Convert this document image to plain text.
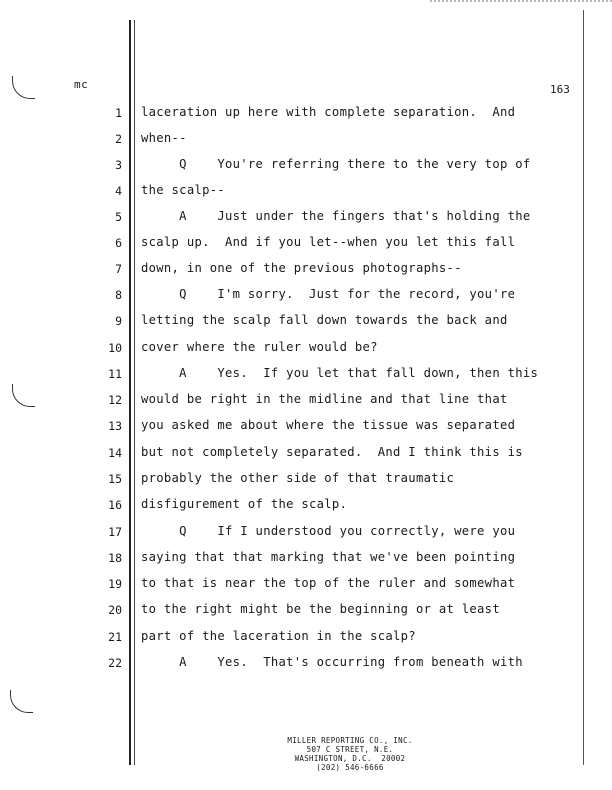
mc	163
1 laceration up here with complete separation.  And
2 when--
3 Q    You're referring there to the very top of
4 the scalp--
5 A    Just under the fingers that's holding the
6 scalp up.  And if you let--when you let this fall
7 down, in one of the previous photographs--
8 Q    I'm sorry.  Just for the record, you're
9 letting the scalp fall down towards the back and
10 cover where the ruler would be?
11 A    Yes.  If you let that fall down, then this
12 would be right in the midline and that line that
13 you asked me about where the tissue was separated
14 but not completely separated.  And I think this is
15 probably the other side of that traumatic
16 disfigurement of the scalp.
17 Q    If I understood you correctly, were you
18 saying that that marking that we've been pointing
19 to that is near the top of the ruler and somewhat
20 to the right might be the beginning or at least
21 part of the laceration in the scalp?
22 A    Yes.  That's occurring from beneath with
MILLER REPORTING CO., INC.
507 C STREET, N.E.
WASHINGTON, D.C.  20002
(202) 546-6666
